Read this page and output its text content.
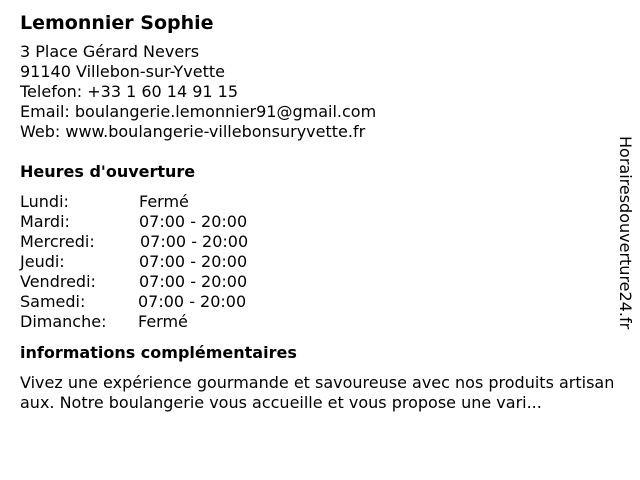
Lemonnier Sophie
3 Place Gérard Nevers
91140 Villebon-sur-Yvette
Telefon: +33 1 60 14 91 15
Email: boulangerie.lemonnier91@gmail.com
Web: www.boulangerie-villebonsuryvette.fr
Heures d'ouverture
Lundi:	Fermé
Mardi:	07:00 - 20:00
Mercredi:	07:00 - 20:00
Jeudi:	07:00 - 20:00
Vendredi:	07:00 - 20:00
Samedi:	07:00 - 20:00
Dimanche: Fermé
informations complémentaires
Vivez une expérience gourmande et savoureuse avec nos produits artisanaux. Notre boulangerie vous accueille et vous propose une vari...
Horairesdouverture24.fr
